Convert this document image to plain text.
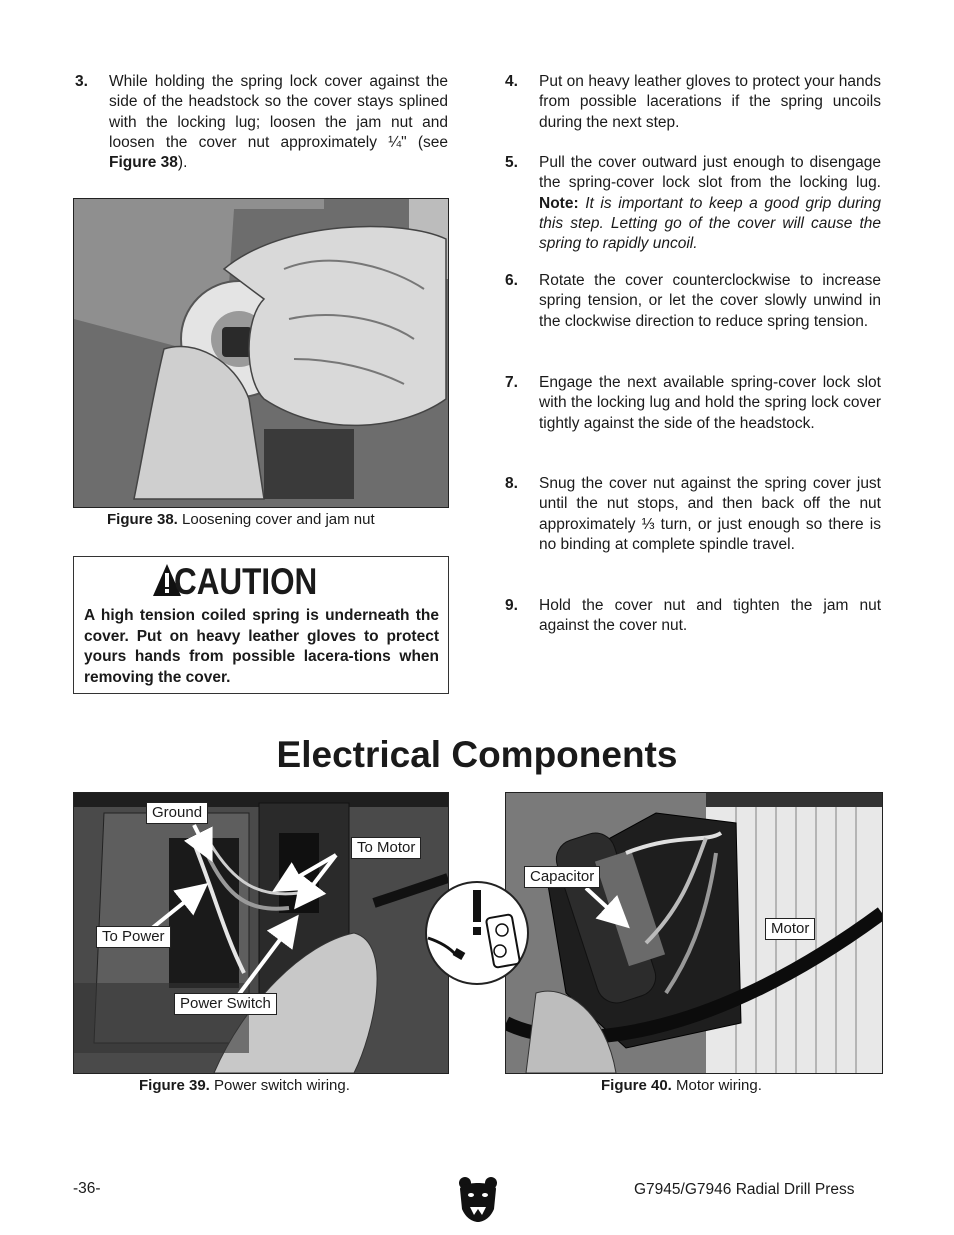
3. While holding the spring lock cover against the side of the headstock so the cover stays splined with the locking lug; loosen the jam nut and loosen the cover nut approximately ¼" (see Figure 38).
Figure 38. Loosening cover and jam nut
CAUTION
A high tension coiled spring is underneath the cover. Put on heavy leather gloves to protect yours hands from possible lacera-tions when removing the cover.
4. Put on heavy leather gloves to protect your hands from possible lacerations if the spring uncoils during the next step.
5. Pull the cover outward just enough to disengage the spring-cover lock slot from the locking lug. Note: It is important to keep a good grip during this step. Letting go of the cover will cause the spring to rapidly uncoil.
6. Rotate the cover counterclockwise to increase spring tension, or let the cover slowly unwind in the clockwise direction to reduce spring tension.
7. Engage the next available spring-cover lock slot with the locking lug and hold the spring lock cover tightly against the side of the headstock.
8. Snug the cover nut against the spring cover just until the nut stops, and then back off the nut approximately ⅓ turn, or just enough so there is no binding at complete spindle travel.
9. Hold the cover nut and tighten the jam nut against the cover nut.
Electrical Components
Ground
To Motor
To Power
Power Switch
Figure 39. Power switch wiring.
Capacitor
Motor
Figure 40. Motor wiring.
-36-	G7945/G7946 Radial Drill Press
